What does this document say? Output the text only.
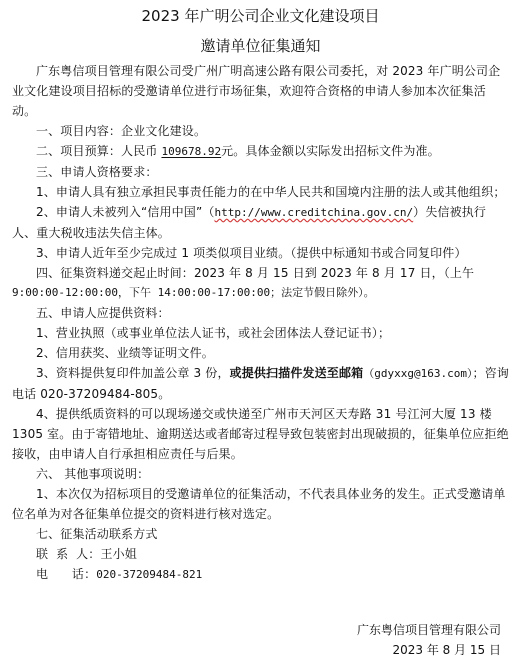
2023 年广明公司企业文化建设项目

邀请单位征集通知

广东粤信项目管理有限公司受广州广明高速公路有限公司委托，对 2023 年广明公司企业文化建设项目招标的受邀请单位进行市场征集，欢迎符合资格的申请人参加本次征集活动。

一、项目内容：企业文化建设。

二、项目预算：人民币 109678.92元。具体金额以实际发出招标文件为准。

三、申请人资格要求：

1、申请人具有独立承担民事责任能力的在中华人民共和国境内注册的法人或其他组织；

2、申请人未被列入“信用中国”（http://www.creditchina.gov.cn/）失信被执行人、重大税收违法失信主体。

3、申请人近年至少完成过 1 项类似项目业绩。（提供中标通知书或合同复印件）

四、征集资料递交起止时间：2023 年 8 月 15 日到 2023 年 8 月 17 日，（上午

9:00:00-12:00:00，下午 14:00:00-17:00:00；法定节假日除外）。

五、申请人应提供资料：

1、营业执照（或事业单位法人证书，或社会团体法人登记证书）；

2、信用获奖、业绩等证明文件。

3、资料提供复印件加盖公章 3 份，或提供扫描件发送至邮箱（gdyxxg@163.com）；咨询电话 020-37209484-805。

4、提供纸质资料的可以现场递交或快递至广州市天河区天寿路 31 号江河大厦 13 楼 1305 室。由于寄错地址、逾期送达或者邮寄过程导致包装密封出现破损的，征集单位应拒绝接收，由申请人自行承担相应责任与后果。

六、 其他事项说明：

1、本次仅为招标项目的受邀请单位的征集活动，不代表具体业务的发生。正式受邀请单位名单为对各征集单位提交的资料进行核对选定。

七、征集活动联系方式

联  系  人：王小姐

电      话：020-37209484-821

广东粤信项目管理有限公司
2023 年 8 月 15 日
